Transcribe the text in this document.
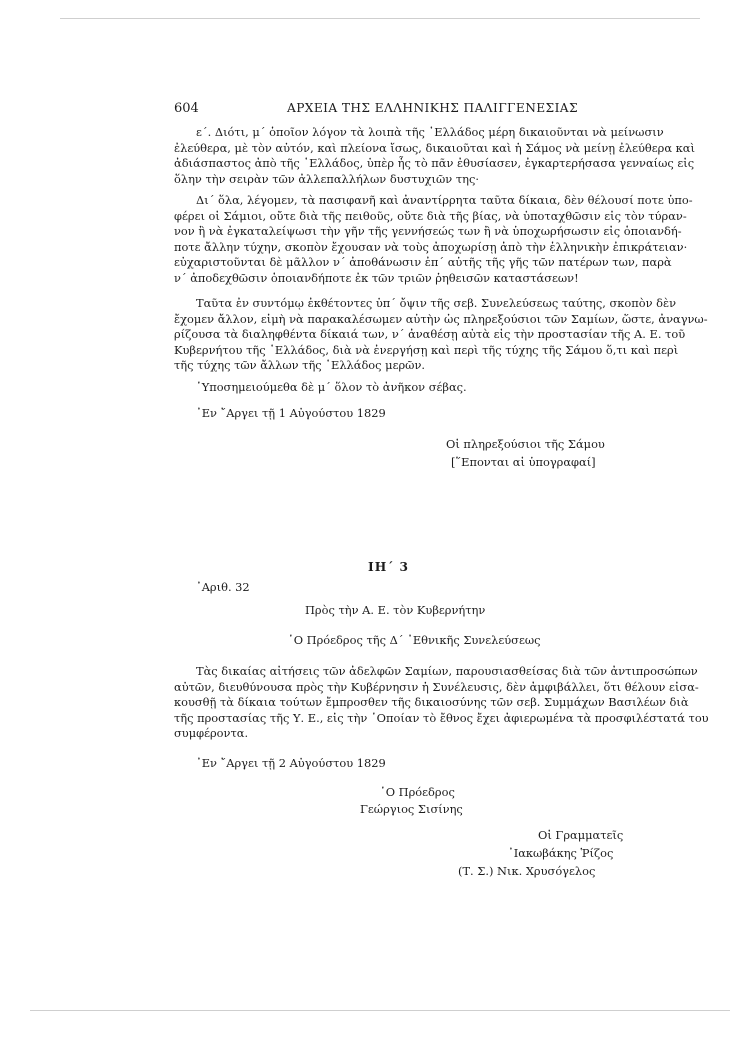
604	ΑΡΧΕΙΑ ΤΗΣ ΕΛΛΗΝΙΚΗΣ ΠΑΛΙΓΓΕΝΕΣΙΑΣ
ε΄. Διότι, μ΄ ὁποῖον λόγον τὰ λοιπὰ τῆς ῾Ελλάδος μέρη δικαιοῦνται νὰ μείνωσιν
ἐλεύθερα, μὲ τὸν αὐτόν, καὶ πλείονα ἴσως, δικαιοῦται καὶ ἡ Σάμος νὰ μείνῃ ἐλεύθερα καὶ
ἀδιάσπαστος ἀπὸ τῆς ῾Ελλάδος, ὑπὲρ ἧς τὸ πᾶν ἐθυσίασεν, ἐγκαρτερήσασα γενναίως εἰς
ὅλην τὴν σειρὰν τῶν ἀλλεπαλλήλων δυστυχιῶν της·
Δι΄ ὅλα, λέγομεν, τὰ πασιφανῆ καὶ ἀναντίρρητα ταῦτα δίκαια, δὲν θέλουσί ποτε ὑπο-
φέρει οἱ Σάμιοι, οὔτε διὰ τῆς πειθοῦς, οὔτε διὰ τῆς βίας, νὰ ὑποταχθῶσιν εἰς τὸν τύραν-
νον ἢ νὰ ἐγκαταλείψωσι τὴν γῆν τῆς γεννήσεώς των ἢ νὰ ὑποχωρήσωσιν εἰς ὁποιανδή-
ποτε ἄλλην τύχην, σκοπὸν ἔχουσαν νὰ τοὺς ἀποχωρίσῃ ἀπὸ τὴν ἑλληνικὴν ἐπικράτειαν·
εὐχαριστοῦνται δὲ μᾶλλον ν΄ ἀποθάνωσιν ἐπ΄ αὐτῆς τῆς γῆς τῶν πατέρων των, παρὰ
ν΄ ἀποδεχθῶσιν ὁποιανδήποτε ἐκ τῶν τριῶν ῥηθεισῶν καταστάσεων!
Ταῦτα ἐν συντόμῳ ἐκθέτοντες ὑπ΄ ὄψιν τῆς σεβ. Συνελεύσεως ταύτης, σκοπὸν δὲν
ἔχομεν ἄλλον, εἰμὴ νὰ παρακαλέσωμεν αὐτὴν ὡς πληρεξούσιοι τῶν Σαμίων, ὥστε, ἀναγνω-
ρίζουσα τὰ διαληφθέντα δίκαιά των, ν΄ ἀναθέσῃ αὐτὰ εἰς τὴν προστασίαν τῆς Α. Ε. τοῦ
Κυβερνήτου τῆς ῾Ελλάδος, διὰ νὰ ἐνεργήσῃ καὶ περὶ τῆς τύχης τῆς Σάμου ὅ,τι καὶ περὶ
τῆς τύχης τῶν ἄλλων τῆς ῾Ελλάδος μερῶν.
῾Υποσημειούμεθα δὲ μ΄ ὅλον τὸ ἀνῆκον σέβας.
᾿Εν ῎Αργει τῇ 1 Αὐγούστου 1829
Οἱ πληρεξούσιοι τῆς Σάμου
[῞Επονται αἱ ὑπογραφαί]
ΙΗ΄ 3
᾿Αριθ. 32
Πρὸς τὴν Α. Ε. τὸν Κυβερνήτην
῾Ο Πρόεδρος τῆς Δ΄ ᾿Εθνικῆς Συνελεύσεως
Τὰς δικαίας αἰτήσεις τῶν ἀδελφῶν Σαμίων, παρουσιασθείσας διὰ τῶν ἀντιπροσώπων
αὐτῶν, διευθύνουσα πρὸς τὴν Κυβέρνησιν ἡ Συνέλευσις, δὲν ἀμφιβάλλει, ὅτι θέλουν εἰσα-
κουσθῇ τὰ δίκαια τούτων ἔμπροσθεν τῆς δικαιοσύνης τῶν σεβ. Συμμάχων Βασιλέων διὰ
τῆς προστασίας τῆς Υ. Ε., εἰς τὴν ῾Οποίαν τὸ ἔθνος ἔχει ἀφιερωμένα τὰ προσφιλέστατά του
συμφέροντα.
᾿Εν ῎Αργει τῇ 2 Αὐγούστου 1829
῾Ο Πρόεδρος
Γεώργιος Σισίνης
Οἱ Γραμματεῖς
᾿Ιακωβάκης Ῥίζος
(Τ. Σ.) Νικ. Χρυσόγελος
